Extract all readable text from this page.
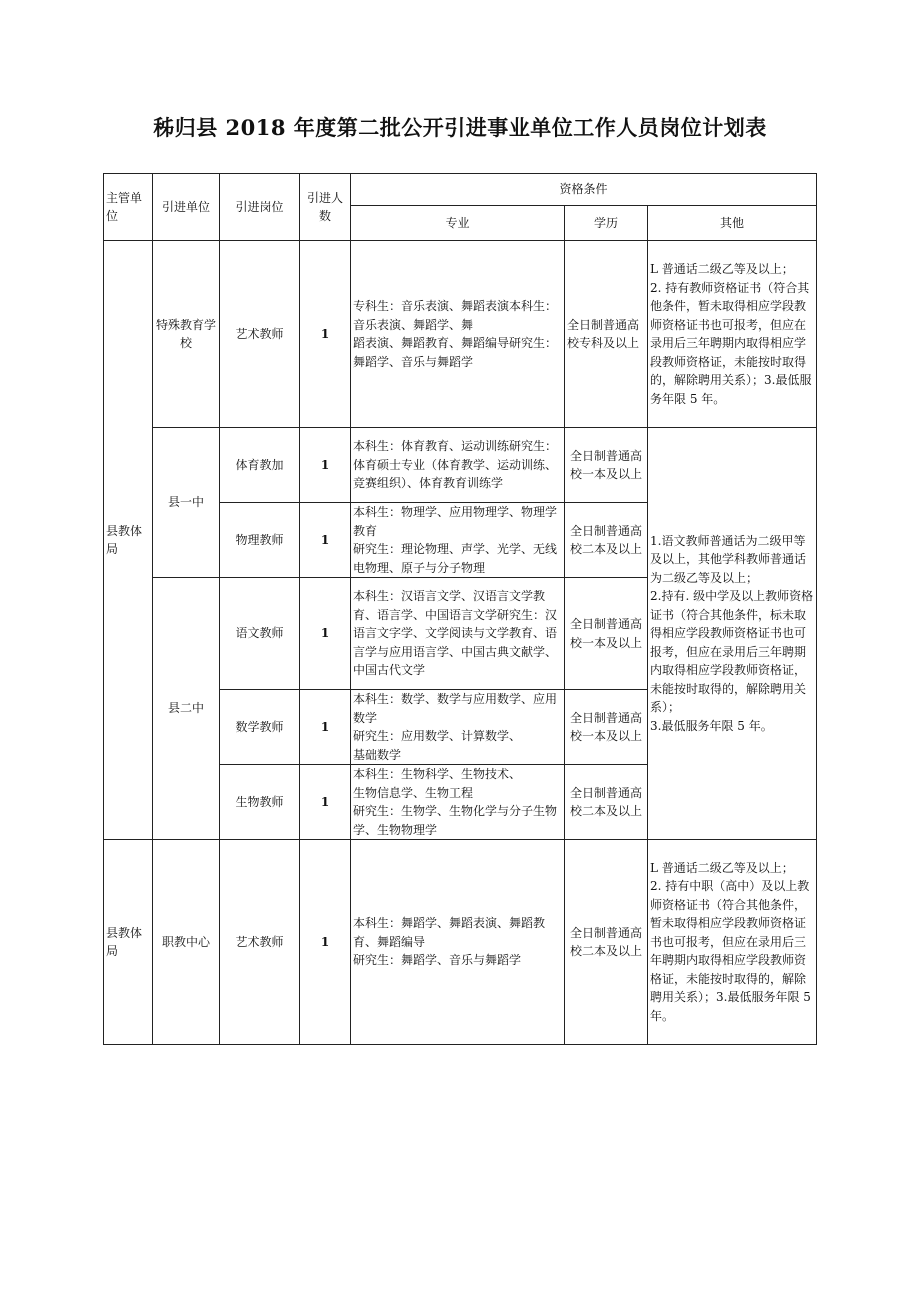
秭归县 2018 年度第二批公开引进事业单位工作人员岗位计划表
主管单位	引进单位	引进岗位	引进人数	资格条件		
				专业	学历	其他
县教体局	特殊教育学校	艺术教师	1	专科生：音乐表演、舞蹈表演本科生：音乐表演、舞蹈学、舞
蹈表演、舞蹈教育、舞蹈编导研究生：舞蹈学、音乐与舞蹈学	全日制普通高校专科及以上	L 普通话二级乙等及以上；
2. 持有教师资格证书（符合其他条件，暂未取得相应学段教师资格证书也可报考，但应在录用后三年聘期内取得相应学段教师资格证，未能按时取得的，解除聘用关系）；3.最低服务年限 5 年。
	县一中	体育教加	1	本科生：体育教育、运动训练研究生：体育硕士专业（体育教学、运动训练、竞赛组织）、体育教育训练学	全日制普通高校一本及以上	1.语文教师普通话为二级甲等及以上，其他学科教师普通话为二级乙等及以上；
2.持有. 级中学及以上教师资格证书（符合其他条件，标未取得相应学段教师资格证书也可报考，但应在录用后三年聘期内取得相应学段教师资格证，未能按时取得的，解除聘用关系）；
3.最低服务年限 5 年。
		物理教师	1	本科生：物理学、应用物理学、物理学教育
研究生：理论物理、声学、光学、无线电物理、原子与分子物理	全日制普通高校二本及以上	
	县二中	语文教师	1	本科生：汉语言文学、汉语言文学教育、语言学、中国语言文学研究生：汉语言文字学、文学阅读与文学教育、语言学与应用语言学、中国古典文献学、中国古代文学	全日制普通高校一本及以上	
		数学教师	1	本科生：数学、数学与应用数学、应用数学
研究生：应用数学、计算数学、
基础数学	全日制普通高校一本及以上	
		生物教师	1	本科生：生物科学、生物技术、
生物信息学、生物工程
研究生：生物学、生物化学与分子生物学、生物物理学	全日制普通高校二本及以上	
县教体局	职教中心	艺术教师	1	本科生：舞蹈学、舞蹈表演、舞蹈教育、舞蹈编导
研究生：舞蹈学、音乐与舞蹈学	全日制普通高校二本及以上	L 普通话二级乙等及以上；
2. 持有中职（高中）及以上教师资格证书（符合其他条件，暂未取得相应学段教师资格证书也可报考，但应在录用后三年聘期内取得相应学段教师资格证，未能按时取得的，解除聘用关系）；3.最低服务年限 5 年。
